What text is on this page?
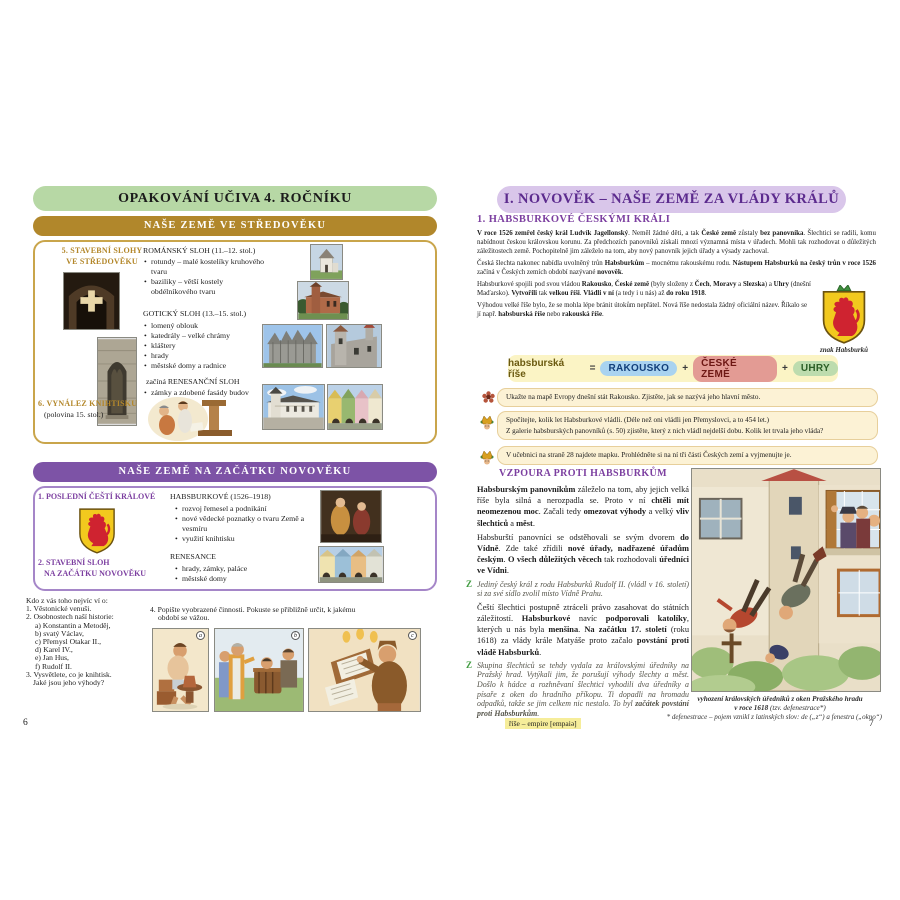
OPAKOVÁNÍ UČIVA 4. ROČNÍKU
NAŠE ZEMĚ VE STŘEDOVĚKU
5. STAVEBNÍ SLOHY
VE STŘEDOVĚKU
ROMÁNSKÝ SLOH (11.–12. stol.)
• rotundy – malé kostelíky kruhového tvaru
• baziliky – větší kostely obdélníkového tvaru
GOTICKÝ SLOH (13.–15. stol.)
• lomený oblouk
• katedrály – velké chrámy
• kláštery
• hrady
• městské domy a radnice
začíná RENESANČNÍ SLOH
• zámky a zdobené fasády budov
6. VYNÁLEZ KNIHTISKU
(polovina 15. stol.)
NAŠE ZEMĚ NA ZAČÁTKU NOVOVĚKU
1. POSLEDNÍ ČEŠTÍ KRÁLOVÉ HABSBURKOVÉ (1526–1918)
• rozvoj řemesel a podnikání
• nové vědecké poznatky o tvaru Země a vesmíru
• využití knihtisku
2. STAVEBNÍ SLOH
NA ZAČÁTKU NOVOVĚKU
RENESANCE
• hrady, zámky, paláce
• městské domy
Kdo z vás toho nejvíc ví o:
1. Věstonické venuši.
2. Osobnostech naší historie:
a) Konstantin a Metoděj,
b) svatý Václav,
c) Přemysl Otakar II.,
d) Karel IV.,
e) Jan Hus,
f) Rudolf II.
3. Vysvětlete, co je knihtisk.
Jaké jsou jeho výhody?
4. Popište vyobrazené činnosti. Pokuste se přibližně určit, k jakému
období se vážou.
a	b	c
6
I. NOVOVĚK – NAŠE ZEMĚ ZA VLÁDY KRÁLŮ
1. HABSBURKOVÉ ČESKÝMI KRÁLI

V roce 1526 zemřel český král Ludvík Jagellonský. Neměl žádné děti, a tak České země zůstaly bez panovníka. Šlechtici se radili, komu nabídnout českou královskou korunu. Za předchozích panovníků získali mnozí významná místa v úřadech. Mohli tak rozhodovat o důležitých záležitostech země. Pochopitelně jim záleželo na tom, aby nový panovník jejich úřady a výsady zachoval.

Česká šlechta nakonec nabídla uvolněný trůn Habsburkům – mocnému rakouskému rodu. Nástupem Habsburků na český trůn v roce 1526 začíná v Českých zemích období nazývané novověk.

Habsburkové spojili pod svou vládou Rakousko, České země (byly složeny z Čech, Moravy a Slezska) a Uhry (dnešní Maďarsko). Vytvořili tak velkou říši. Vládli v ní (a tedy i u nás) až do roku 1918.

Výhodou velké říše bylo, že se mohla lépe bránit útokům nepřátel. Nová říše nedostala žádný oficiální název. Říkalo se jí např. habsburská říše nebo rakouská říše.

znak Habsburků
habsburská říše	=	RAKOUSKO	+	ČESKÉ ZEMĚ	+	UHRY
Ukažte na mapě Evropy dnešní stát Rakousko. Zjistěte, jak se nazývá jeho hlavní město.
Spočítejte, kolik let Habsburkové vládli. (Déle než oni vládli jen Přemyslovci, a to 454 let.)
Z galerie habsburských panovníků (s. 50) zjistěte, který z nich vládl nejdelší dobu. Kolik let trvala jeho vláda?
V učebnici na straně 28 najdete mapku. Prohlédněte si na ní tři části Českých zemí a vyjmenujte je.
VZPOURA PROTI HABSBURKŮM

Habsburským panovníkům záleželo na tom, aby jejich velká říše byla silná a nerozpadla se. Proto v ní chtěli mít neomezenou moc. Začali tedy omezovat výhody a velký vliv šlechticů a měst.

Habsburští panovníci se odstěhovali se svým dvorem do Vídně. Zde také zřídili nové úřady, nadřazené úřadům českým. O všech důležitých věcech tak rozhodovali úředníci ve Vídni.

Z Jediný český král z rodu Habsburků Rudolf II. (vládl v 16. století) si za své sídlo zvolil místo Vídně Prahu.

Čeští šlechtici postupně ztráceli právo zasahovat do státních záležitostí. Habsburkové navíc podporovali katolíky, kterých u nás byla menšina. Na začátku 17. století (roku 1618) za vlády krále Matyáše proto začalo povstání proti vládě Habsburků.

Z Skupina šlechticů se tehdy vydala za královskými úředníky na Pražský hrad. Vytýkali jim, že porušují výhody šlechty a měst. Došlo k hádce a rozhněvaní šlechtici vyhodili dva úředníky a písaře z oken do hradního příkopu. Ti dopadli na hromadu odpadků, takže se jim celkem nic nestalo. To byl začátek povstání proti Habsburkům.

vyhození královských úředníků z oken Pražského hradu
v roce 1618 (tzv. defenestrace*)
říše – empire [empaiə]
* defenestrace – pojem vznikl z latinských slov: de („z“) a fenestra („okno“)
7
